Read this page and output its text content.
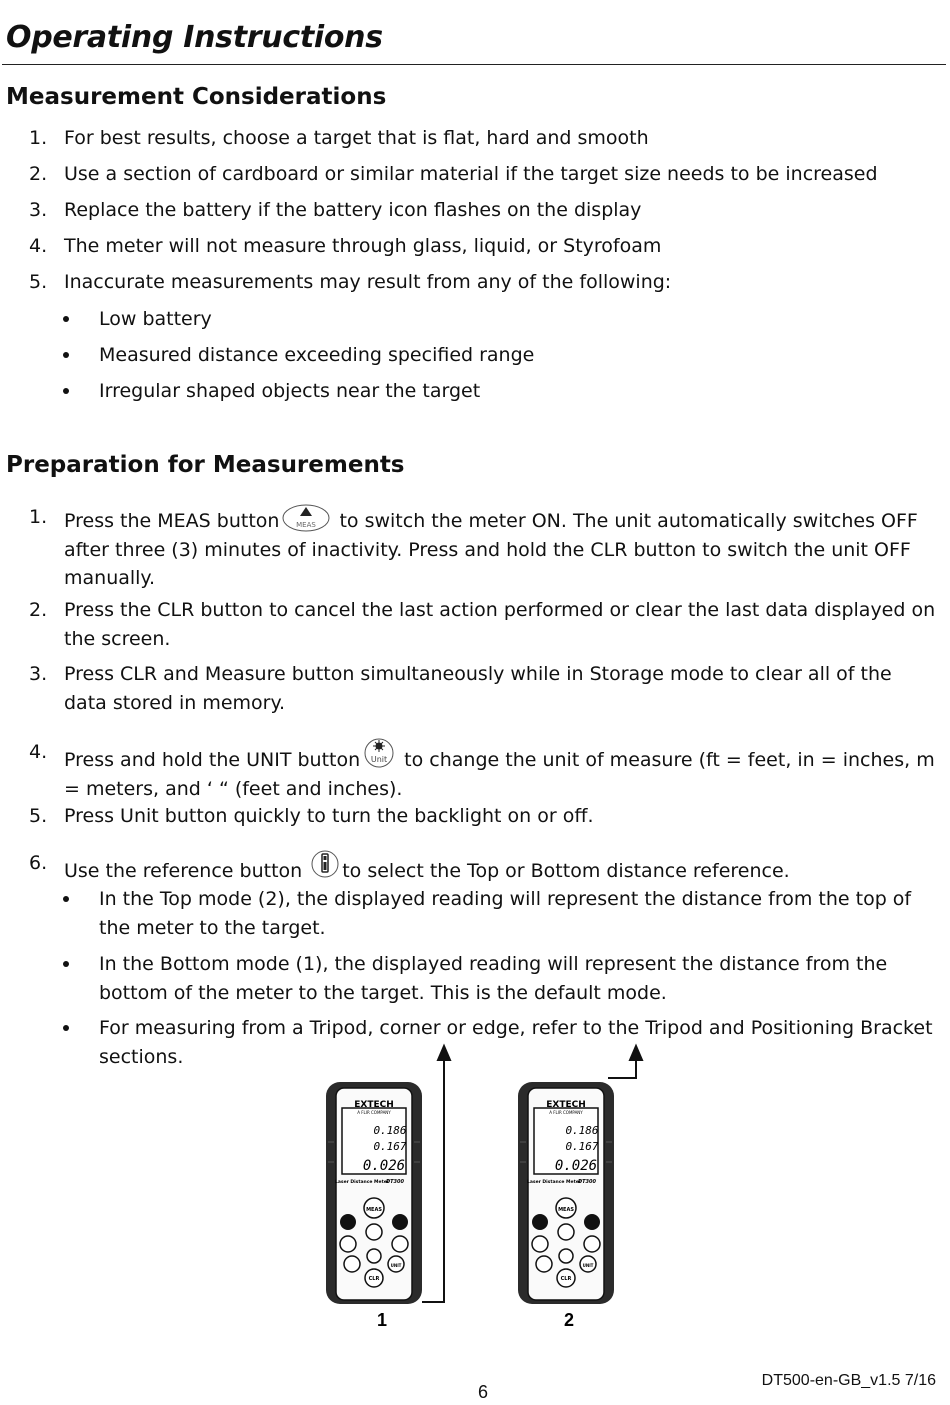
Operating Instructions
Measurement Considerations
1. For best results, choose a target that is flat, hard and smooth
2. Use a section of cardboard or similar material if the target size needs to be increased
3. Replace the battery if the battery icon flashes on the display
4. The meter will not measure through glass, liquid, or Styrofoam
5. Inaccurate measurements may result from any of the following:
Low battery
Measured distance exceeding specified range
Irregular shaped objects near the target
Preparation for Measurements
1. Press the MEAS button MEAS to switch the meter ON. The unit automatically switches OFF after three (3) minutes of inactivity. Press and hold the CLR button to switch the unit OFF manually.
2. Press the CLR button to cancel the last action performed or clear the last data displayed on the screen.
3. Press CLR and Measure button simultaneously while in Storage mode to clear all of the data stored in memory.
4. Press and hold the UNIT button Unit to change the unit of measure (ft = feet, in = inches, m = meters, and ‘ “ (feet and inches).
5. Press Unit button quickly to turn the backlight on or off.
6. Use the reference button to select the Top or Bottom distance reference.
In the Top mode (2), the displayed reading will represent the distance from the top of the meter to the target.
In the Bottom mode (1), the displayed reading will represent the distance from the bottom of the meter to the target. This is the default mode.
For measuring from a Tripod, corner or edge, refer to the Tripod and Positioning Bracket sections.
EXTECH
A FLIR COMPANY
0.186
0.167
0.026
Laser Distance Meter
DT300
MEAS
UNIT
CLR
EXTECH
A FLIR COMPANY
0.186
0.167
0.026
Laser Distance Meter
DT300
MEAS
UNIT
CLR
1	2
DT500-en-GB_v1.5 7/16
6
